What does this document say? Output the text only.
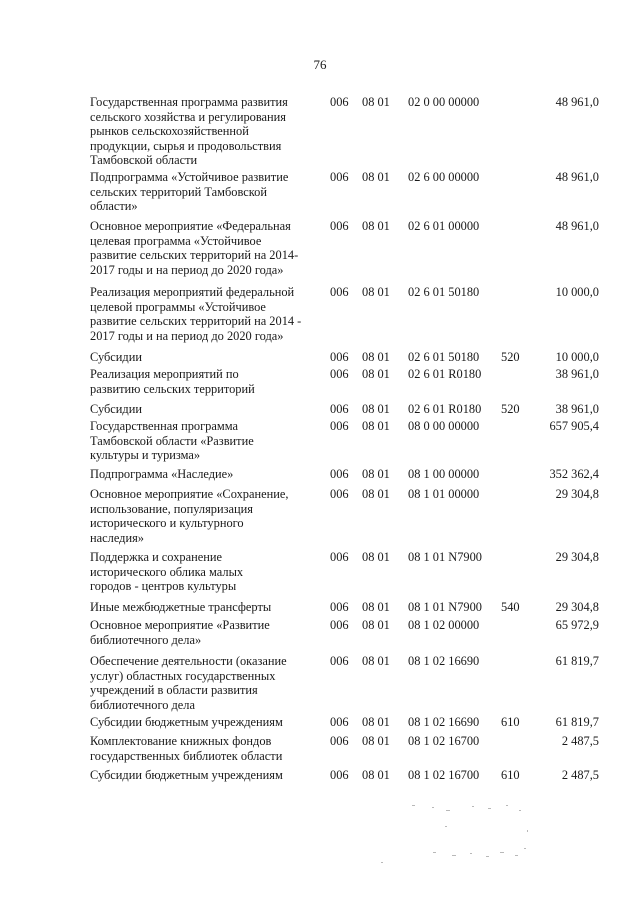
76
Государственная программа развития
сельского хозяйства и регулирования
рынков сельскохозяйственной
продукции, сырья и продовольствия
Тамбовской области
006 08 01 02 0 00 00000	48 961,0
Подпрограмма «Устойчивое развитие
сельских территорий Тамбовской
области»
006 08 01 02 6 00 00000	48 961,0
Основное мероприятие «Федеральная
целевая программа «Устойчивое
развитие сельских территорий на 2014-
2017 годы и на период до 2020 года»
006 08 01 02 6 01 00000	48 961,0
Реализация мероприятий федеральной
целевой программы «Устойчивое
развитие сельских территорий на 2014 -
2017 годы и на период до 2020 года»
006 08 01 02 6 01 50180	10 000,0
Субсидии	006 08 01 02 6 01 50180 520	10 000,0
Реализация мероприятий по
развитию сельских территорий
006 08 01 02 6 01 R0180	38 961,0
Субсидии	006 08 01 02 6 01 R0180 520	38 961,0
Государственная программа
Тамбовской области «Развитие
культуры и туризма»
006 08 01 08 0 00 00000	657 905,4
Подпрограмма «Наследие»	006 08 01 08 1 00 00000	352 362,4
Основное мероприятие «Сохранение,
использование, популяризация
исторического и культурного
наследия»
006 08 01 08 1 01 00000	29 304,8
Поддержка и сохранение
исторического облика малых
городов - центров культуры
006 08 01 08 1 01 N7900	29 304,8
Иные межбюджетные трансферты	006 08 01 08 1 01 N7900 540	29 304,8
Основное мероприятие «Развитие
библиотечного дела»
006 08 01 08 1 02 00000	65 972,9
Обеспечение деятельности (оказание
услуг) областных государственных
учреждений в области развития
библиотечного дела
006 08 01 08 1 02 16690	61 819,7
Субсидии бюджетным учреждениям	006 08 01 08 1 02 16690 610	61 819,7
Комплектование книжных фондов
государственных библиотек области
006 08 01 08 1 02 16700	2 487,5
Субсидии бюджетным учреждениям	006 08 01 08 1 02 16700 610	2 487,5
